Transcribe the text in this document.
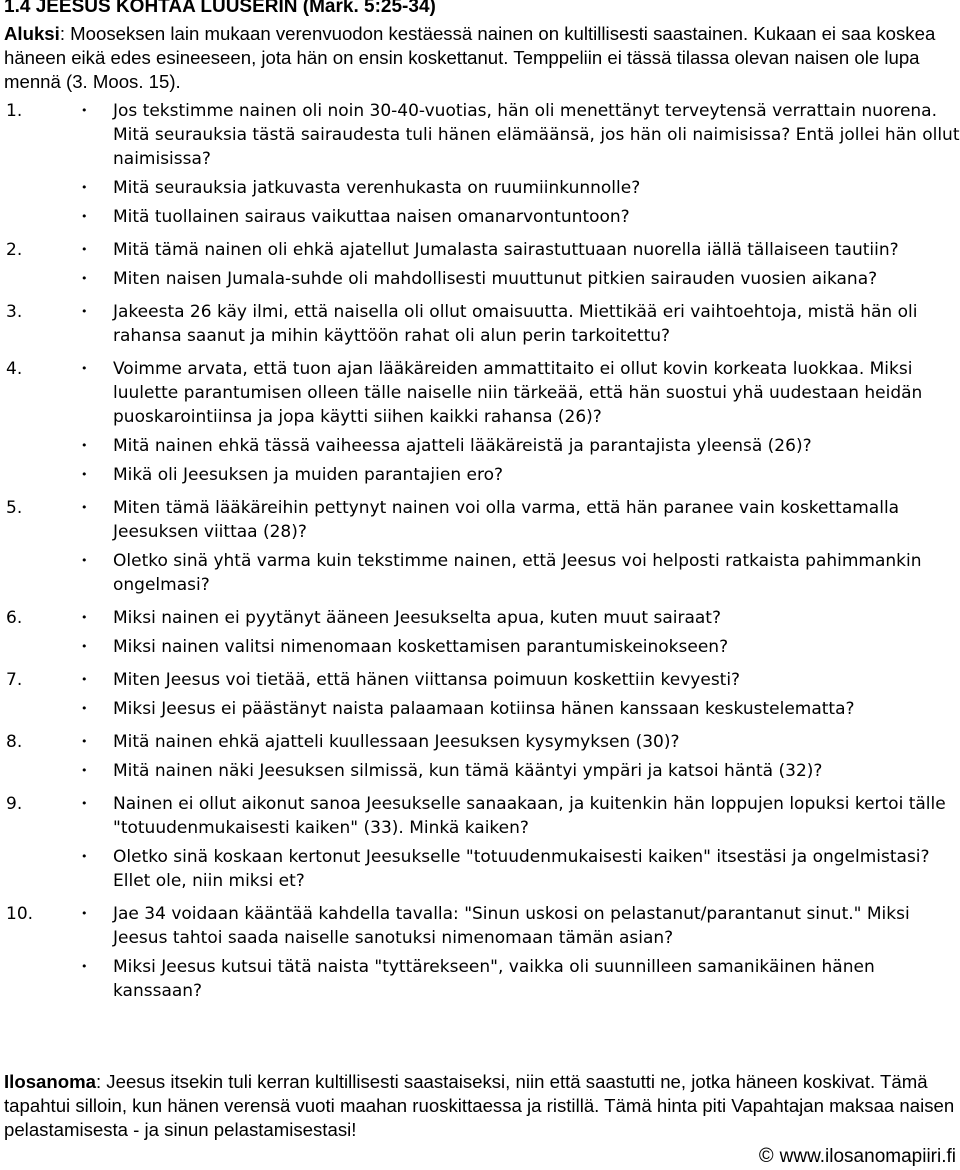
1.4 JEESUS KOHTAA LUUSERIN (Mark. 5:25-34)
Aluksi: Mooseksen lain mukaan verenvuodon kestäessä nainen on kultillisesti saastainen. Kukaan ei saa koskea häneen eikä edes esineeseen, jota hän on ensin koskettanut. Temppeliin ei tässä tilassa olevan naisen ole lupa mennä (3. Moos. 15).
1.	• Jos tekstimme nainen oli noin 30-40-vuotias, hän oli menettänyt terveytensä verrattain nuorena. Mitä seurauksia tästä sairaudesta tuli hänen elämäänsä, jos hän oli naimisissa? Entä jollei hän ollut naimisissa?
• Mitä seurauksia jatkuvasta verenhukasta on ruumiinkunnolle?
• Mitä tuollainen sairaus vaikuttaa naisen omanarvontuntoon?
2.	• Mitä tämä nainen oli ehkä ajatellut Jumalasta sairastuttuaan nuorella iällä tällaiseen tautiin?
• Miten naisen Jumala-suhde oli mahdollisesti muuttunut pitkien sairauden vuosien aikana?
3.	• Jakeesta 26 käy ilmi, että naisella oli ollut omaisuutta. Miettikää eri vaihtoehtoja, mistä hän oli rahansa saanut ja mihin käyttöön rahat oli alun perin tarkoitettu?
4.	• Voimme arvata, että tuon ajan lääkäreiden ammattitaito ei ollut kovin korkeata luokkaa. Miksi luulette parantumisen olleen tälle naiselle niin tärkeää, että hän suostui yhä uudestaan heidän puoskarointiinsa ja jopa käytti siihen kaikki rahansa (26)?
• Mitä nainen ehkä tässä vaiheessa ajatteli lääkäreistä ja parantajista yleensä (26)?
• Mikä oli Jeesuksen ja muiden parantajien ero?
5.	• Miten tämä lääkäreihin pettynyt nainen voi olla varma, että hän paranee vain koskettamalla Jeesuksen viittaa (28)?
• Oletko sinä yhtä varma kuin tekstimme nainen, että Jeesus voi helposti ratkaista pahimmankin ongelmasi?
6.	• Miksi nainen ei pyytänyt ääneen Jeesukselta apua, kuten muut sairaat?
• Miksi nainen valitsi nimenomaan koskettamisen parantumiskeinokseen?
7.	• Miten Jeesus voi tietää, että hänen viittansa poimuun koskettiin kevyesti?
• Miksi Jeesus ei päästänyt naista palaamaan kotiinsa hänen kanssaan keskustelematta?
8.	• Mitä nainen ehkä ajatteli kuullessaan Jeesuksen kysymyksen (30)?
• Mitä nainen näki Jeesuksen silmissä, kun tämä kääntyi ympäri ja katsoi häntä (32)?
9.	• Nainen ei ollut aikonut sanoa Jeesukselle sanaakaan, ja kuitenkin hän loppujen lopuksi kertoi tälle "totuudenmukaisesti kaiken" (33). Minkä kaiken?
• Oletko sinä koskaan kertonut Jeesukselle "totuudenmukaisesti kaiken" itsestäsi ja ongelmistasi? Ellet ole, niin miksi et?
10.	• Jae 34 voidaan kääntää kahdella tavalla: "Sinun uskosi on pelastanut/parantanut sinut." Miksi Jeesus tahtoi saada naiselle sanotuksi nimenomaan tämän asian?
• Miksi Jeesus kutsui tätä naista "tyttärekseen", vaikka oli suunnilleen samanikäinen hänen kanssaan?
Ilosanoma: Jeesus itsekin tuli kerran kultillisesti saastaiseksi, niin että saastutti ne, jotka häneen koskivat. Tämä tapahtui silloin, kun hänen verensä vuoti maahan ruoskittaessa ja ristillä. Tämä hinta piti Vapahtajan maksaa naisen pelastamisesta - ja sinun pelastamisestasi!
© www.ilosanomapiiri.fi
